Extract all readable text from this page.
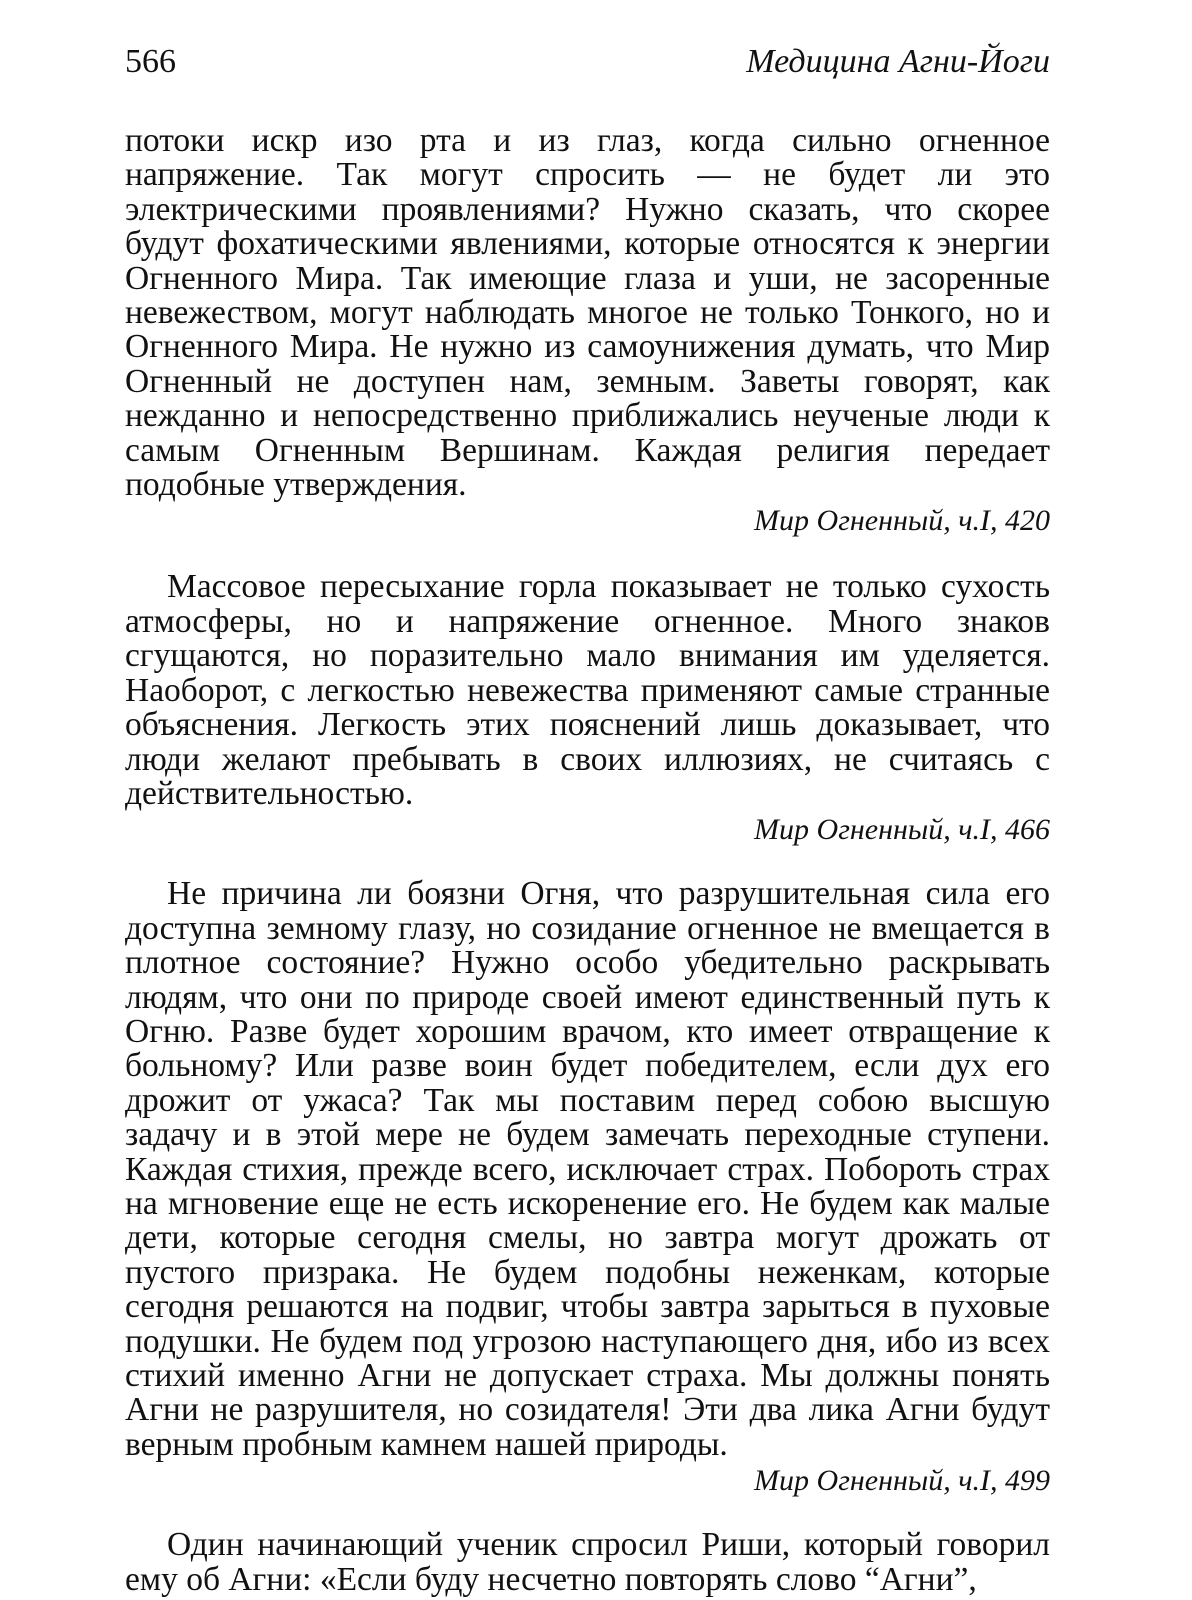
566	Медицина Агни-Йоги

потоки искр изо рта и из глаз, когда сильно огненное напряжение. Так могут спросить — не будет ли это электрическими проявлениями? Нужно сказать, что скорее будут фохатическими явлениями, которые относятся к энергии Огненного Мира. Так имеющие глаза и уши, не засоренные невежеством, могут наблюдать многое не только Тонкого, но и Огненного Мира. Не нужно из самоунижения думать, что Мир Огненный не доступен нам, земным. Заветы говорят, как нежданно и непосредственно приближались неученые люди к самым Огненным Вершинам. Каждая религия передает подобные утверждения.

Мир Огненный, ч.I, 420

Массовое пересыхание горла показывает не только сухость атмосферы, но и напряжение огненное. Много знаков сгущаются, но поразительно мало внимания им уделяется. Наоборот, с легкостью невежества применяют самые странные объяснения. Легкость этих пояснений лишь доказывает, что люди желают пребывать в своих иллюзиях, не считаясь с действительностью.

Мир Огненный, ч.I, 466

Не причина ли боязни Огня, что разрушительная сила его доступна земному глазу, но созидание огненное не вмещается в плотное состояние? Нужно особо убедительно раскрывать людям, что они по природе своей имеют единственный путь к Огню. Разве будет хорошим врачом, кто имеет отвращение к больному? Или разве воин будет победителем, если дух его дрожит от ужаса? Так мы поставим перед собою высшую задачу и в этой мере не будем замечать переходные ступени. Каждая стихия, прежде всего, исключает страх. Побороть страх на мгновение еще не есть искоренение его. Не будем как малые дети, которые сегодня смелы, но завтра могут дрожать от пустого призрака. Не будем подобны неженкам, которые сегодня решаются на подвиг, чтобы завтра зарыться в пуховые подушки. Не будем под угрозою наступающего дня, ибо из всех стихий именно Агни не допускает страха. Мы должны понять Агни не разрушителя, но созидателя! Эти два лика Агни будут верным пробным камнем нашей природы.

Мир Огненный, ч.I, 499

Один начинающий ученик спросил Риши, который говорил ему об Агни: «Если буду несчетно повторять слово “Агни”,
